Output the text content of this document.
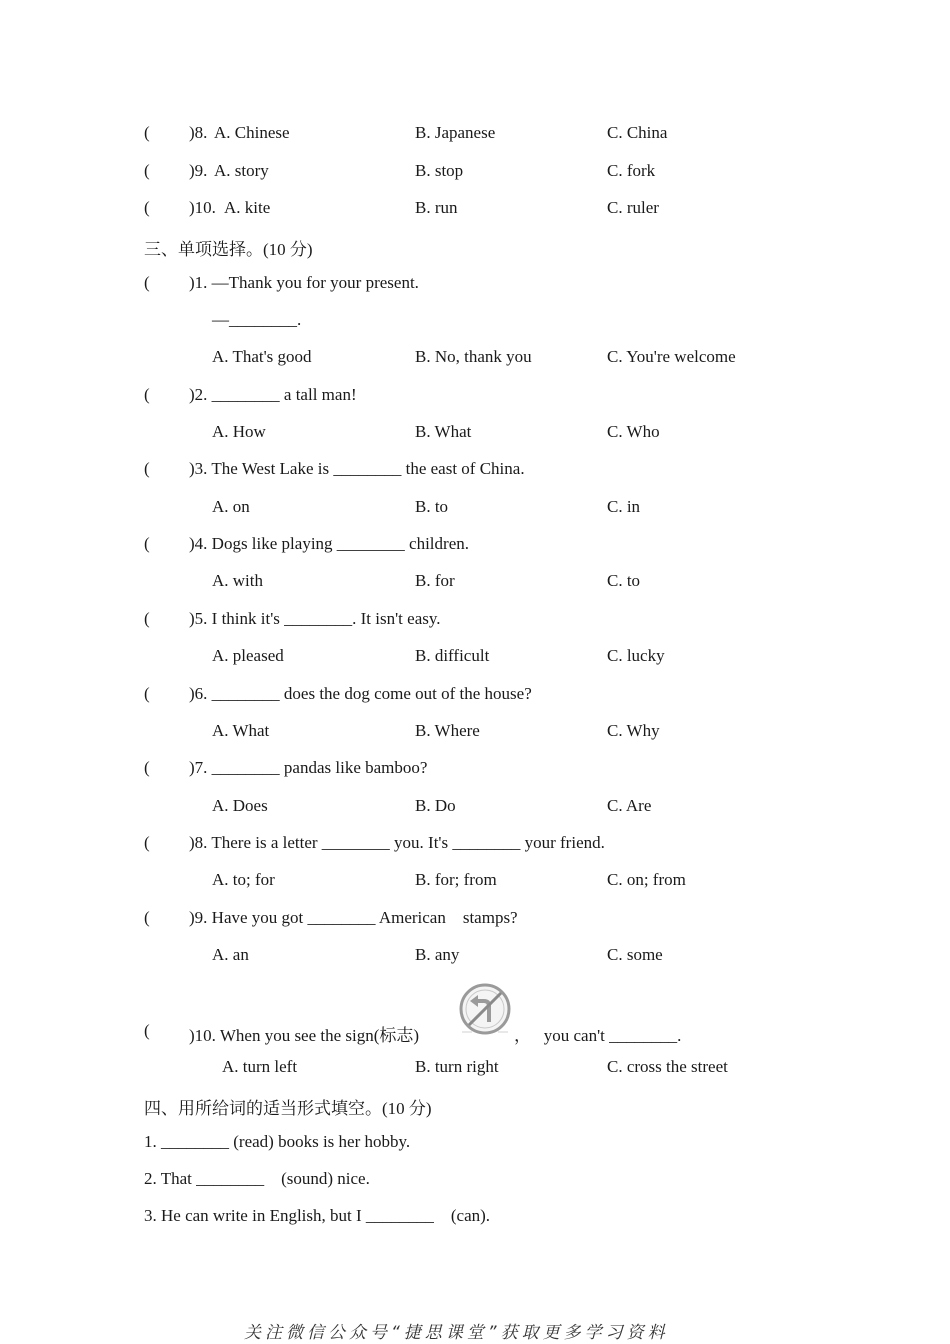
( )8. A. Chinese	B. Japanese	C. China
( )9. A. story	B. stop	C. fork
( )10. A. kite	B. run	C. ruler
三、单项选择。(10 分)
( )1. —Thank you for your present.
—________.
A. That's good	B. No, thank you	C. You're welcome
( )2. ________ a tall man!
A. How	B. What	C. Who
( )3. The West Lake is ________ the east of China.
A. on	B. to	C. in
( )4. Dogs like playing ________ children.
A. with	B. for	C. to
( )5. I think it's ________. It isn't easy.
A. pleased	B. difficult	C. lucky
( )6. ________ does the dog come out of the house?
A. What	B. Where	C. Why
( )7. ________ pandas like bamboo?
A. Does	B. Do	C. Are
( )8. There is a letter ________ you. It's ________ your friend.
A. to; for	B. for; from	C. on; from
( )9. Have you got ________ American    stamps?
A. an	B. any	C. some
( )10. When you see the sign(标志)	，   you can't ________.
A. turn left	B. turn right	C. cross the street
四、用所给词的适当形式填空。(10 分)
1. ________ (read) books is her hobby.
2. That ________    (sound) nice.
3. He can write in English, but I ________    (can).
关注微信公众号“捷思课堂”获取更多学习资料
